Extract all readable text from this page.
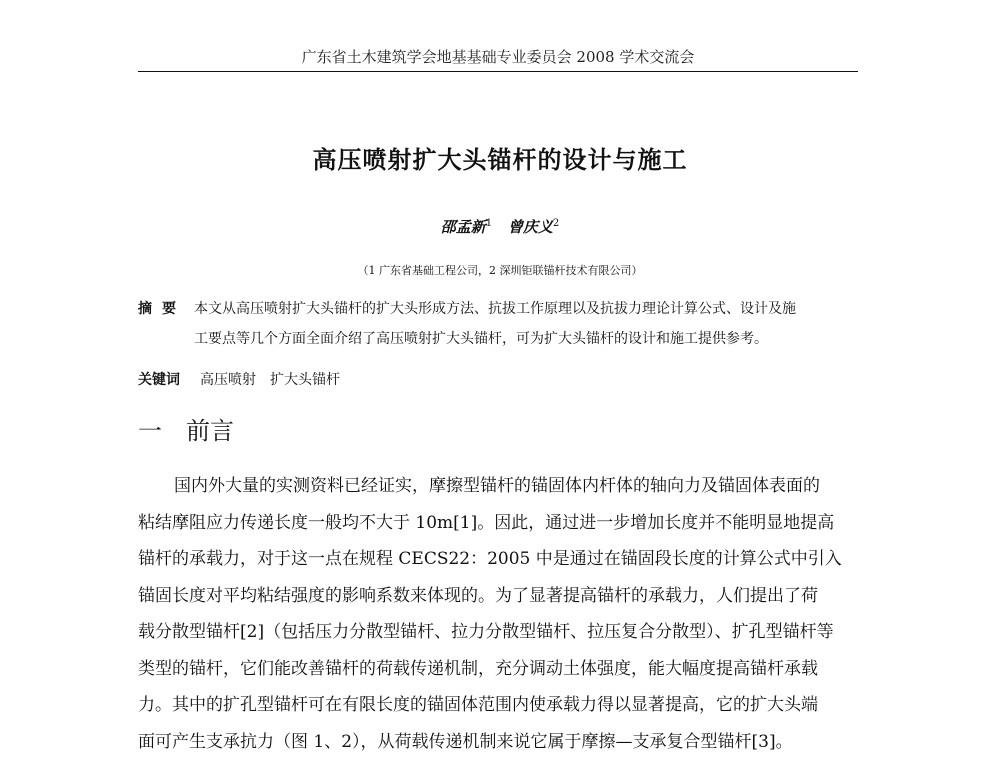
广东省土木建筑学会地基基础专业委员会 2008 学术交流会
高压喷射扩大头锚杆的设计与施工
邵孟新$^1$ 曾庆义$^2$
（1 广东省基础工程公司，2 深圳钜联锚杆技术有限公司）
摘要 本文从高压喷射扩大头锚杆的扩大头形成方法、抗拔工作原理以及抗拔力理论计算公式、设计及施
工要点等几个方面全面介绍了高压喷射扩大头锚杆，可为扩大头锚杆的设计和施工提供参考。
关键词 高压喷射 扩大头锚杆
一 前言
国内外大量的实测资料已经证实，摩擦型锚杆的锚固体内杆体的轴向力及锚固体表面的
粘结摩阻应力传递长度一般均不大于 10m[1]。因此，通过进一步增加长度并不能明显地提高
锚杆的承载力，对于这一点在规程 CECS22：2005 中是通过在锚固段长度的计算公式中引入
锚固长度对平均粘结强度的影响系数来体现的。为了显著提高锚杆的承载力，人们提出了荷
载分散型锚杆[2]（包括压力分散型锚杆、拉力分散型锚杆、拉压复合分散型）、扩孔型锚杆等
类型的锚杆，它们能改善锚杆的荷载传递机制，充分调动土体强度，能大幅度提高锚杆承载
力。其中的扩孔型锚杆可在有限长度的锚固体范围内使承载力得以显著提高，它的扩大头端
面可产生支承抗力（图 1、2），从荷载传递机制来说它属于摩擦—支承复合型锚杆[3]。
